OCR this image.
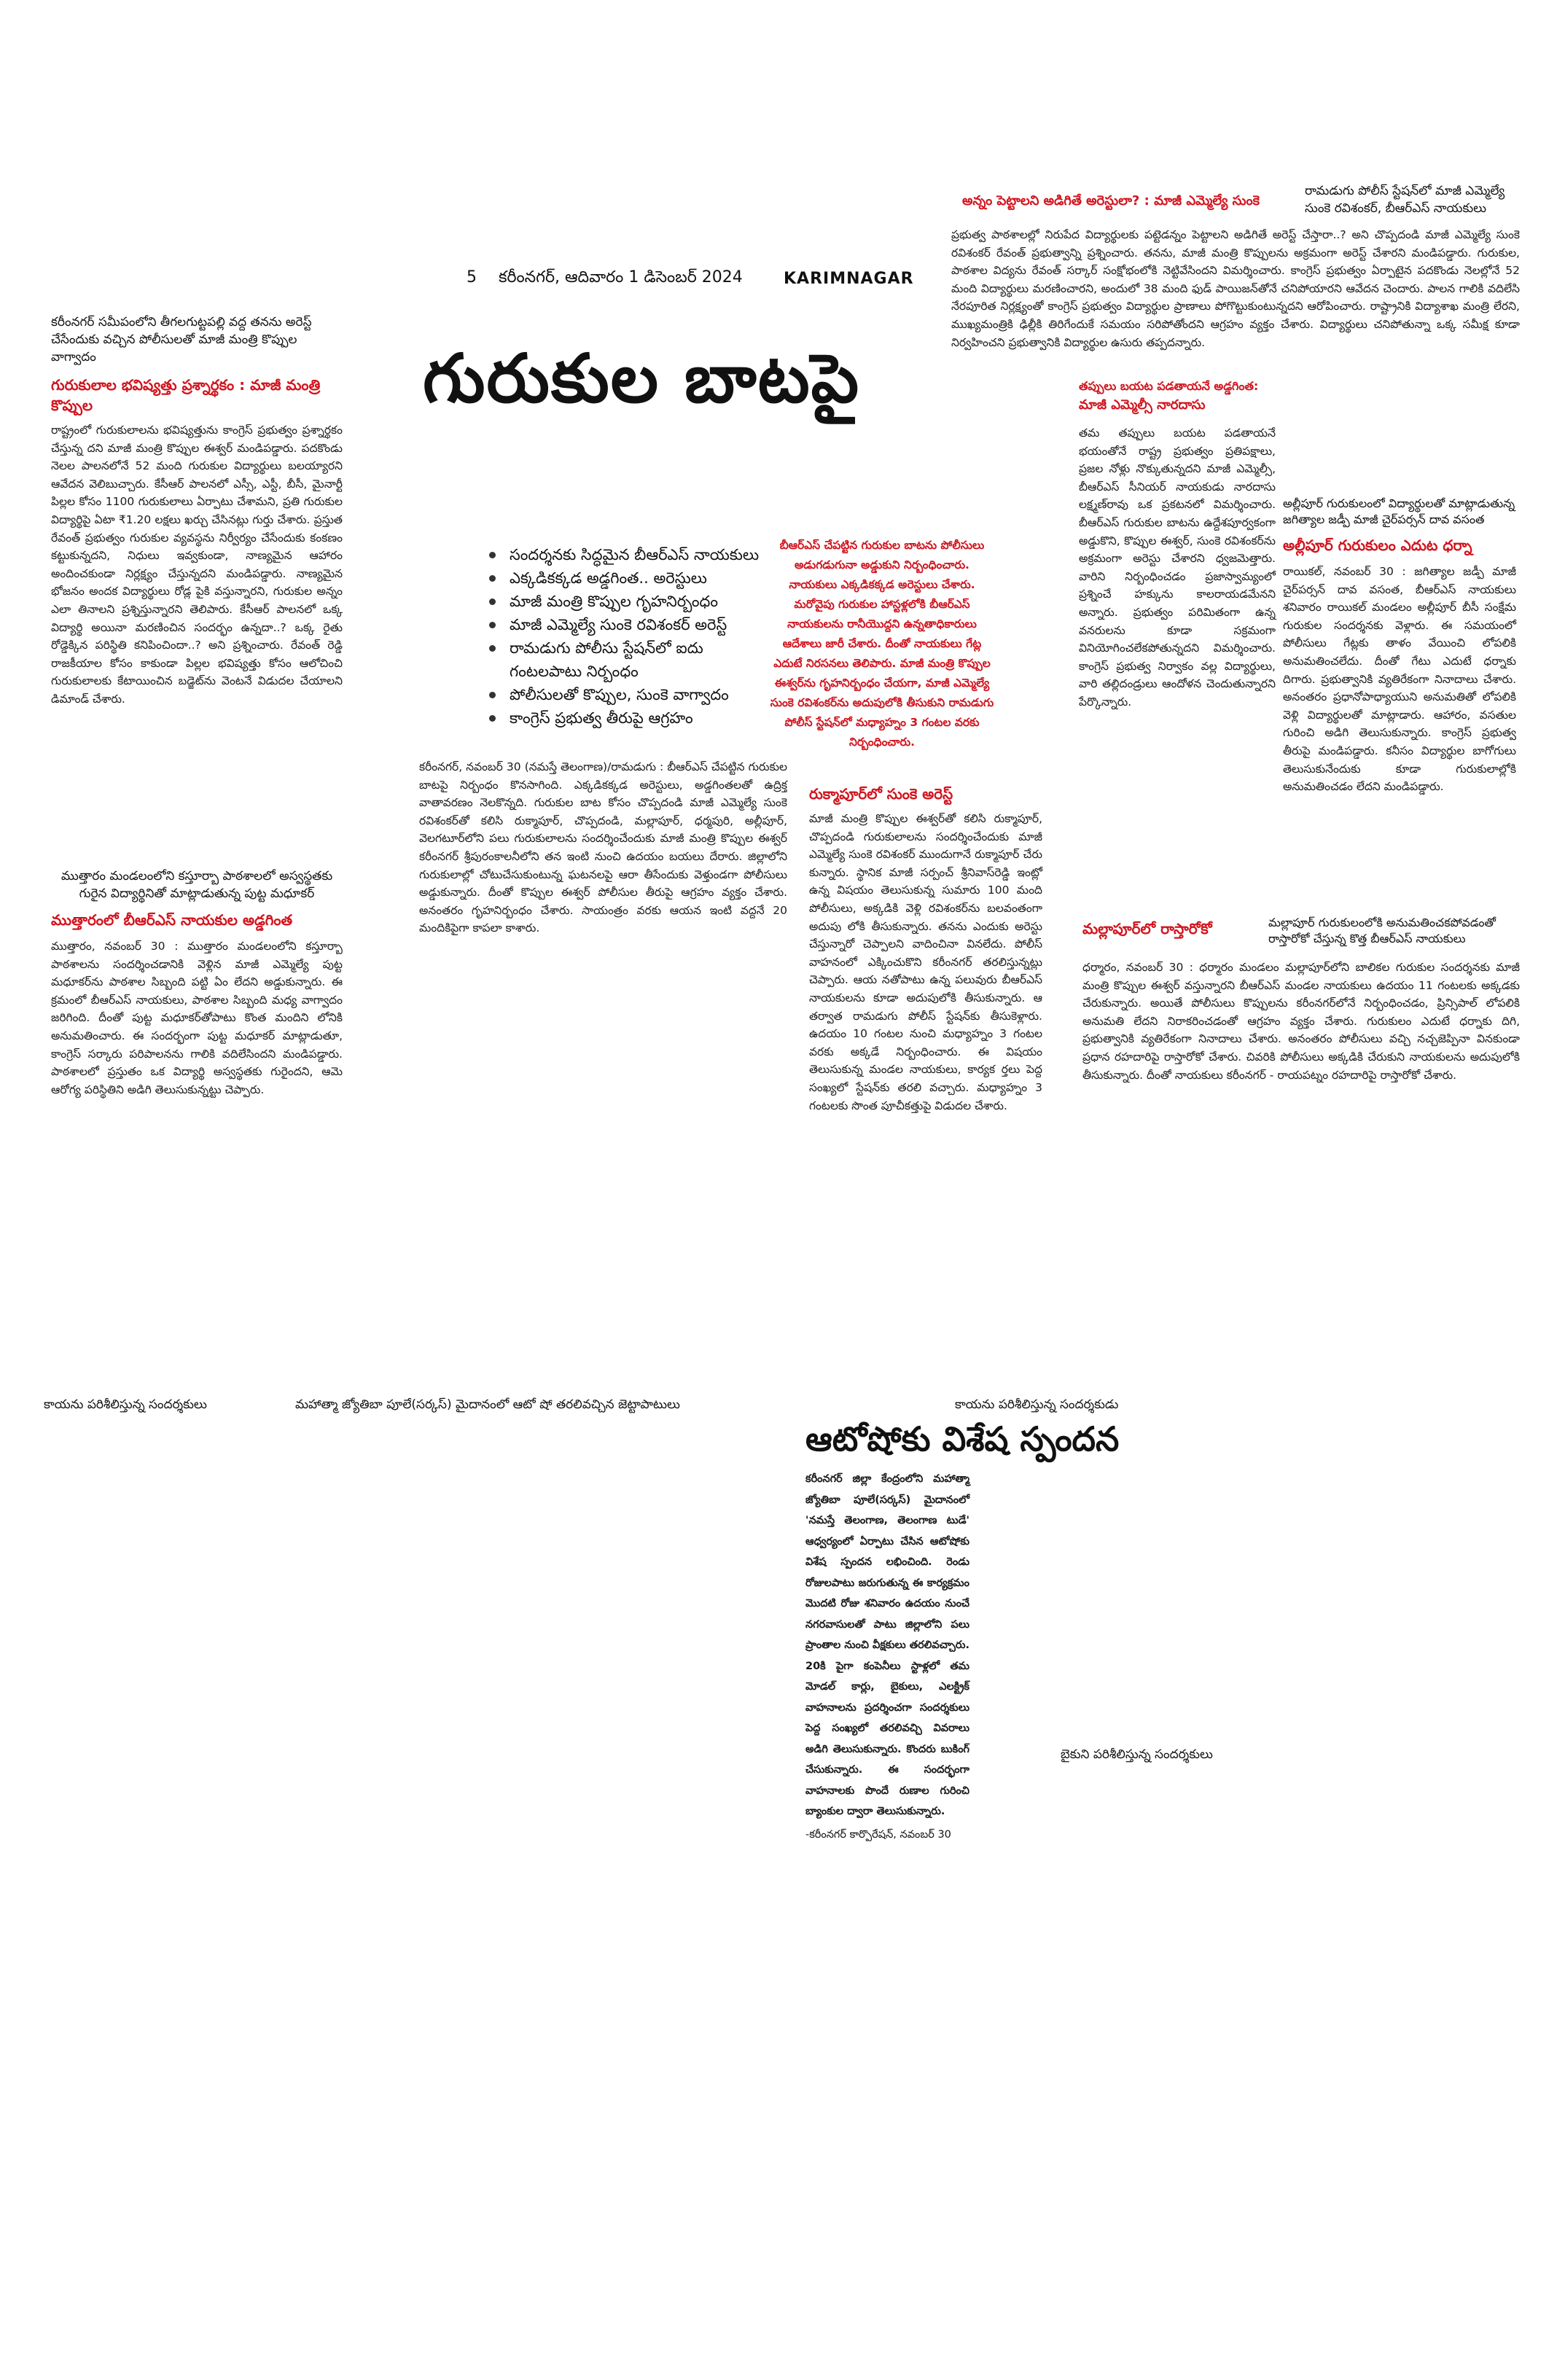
కరీంనగర్ సమీపంలోని తీగలగుట్టపల్లి వద్ద తనను అరెస్ట్ చేసేందుకు వచ్చిన పోలీసులతో మాజీ మంత్రి కొప్పుల వాగ్వాదం
గురుకులాల భవిష్యత్తు ప్రశ్నార్థకం : మాజీ మంత్రి కొప్పుల
రాష్ట్రంలో గురుకులాలను భవిష్యత్తును కాంగ్రెస్ ప్రభుత్వం ప్రశ్నార్థకం చేస్తున్న దని మాజీ మంత్రి కొప్పుల ఈశ్వర్ మండిపడ్డారు. పదకొండు నెలల పాలనలోనే 52 మంది గురుకుల విద్యార్థులు బలయ్యారని ఆవేదన వెలిబుచ్చారు. కేసీఆర్ పాలనలో ఎస్సీ, ఎస్టీ, బీసీ, మైనార్టీ పిల్లల కోసం 1100 గురుకులాలు ఏర్పాటు చేశామని, ప్రతి గురుకుల విద్యార్థిపై ఏటా ₹1.20 లక్షలు ఖర్చు చేసినట్లు గుర్తు చేశారు. ప్రస్తుత రేవంత్ ప్రభుత్వం గురుకుల వ్యవస్థను నిర్వీర్యం చేసేందుకు కంకణం కట్టుకున్నదని, నిధులు ఇవ్వకుండా, నాణ్యమైన ఆహారం అందించకుండా నిర్లక్ష్యం చేస్తున్నదని మండిపడ్డారు. నాణ్యమైన భోజనం అందక విద్యార్థులు రోడ్ల పైకి వస్తున్నారని, గురుకుల అన్నం ఎలా తినాలని ప్రశ్నిస్తున్నారని తెలిపారు. కేసీఆర్ పాలనలో ఒక్క విద్యార్థి అయినా మరణించిన సందర్భం ఉన్నదా..? ఒక్క రైతు రోడ్డెక్కిన పరిస్థితి కనిపించిందా..? అని ప్రశ్నించారు. రేవంత్ రెడ్డి రాజకీయాల కోసం కాకుండా పిల్లల భవిష్యత్తు కోసం ఆలోచించి గురుకులాలకు కేటాయించిన బడ్జెట్‌ను వెంటనే విడుదల చేయాలని డిమాండ్ చేశారు.
ముత్తారం మండలంలోని కస్తూర్బా పాఠశాలలో అస్వస్థతకు గురైన విద్యార్థినితో మాట్లాడుతున్న పుట్ట మధూకర్
ముత్తారంలో బీఆర్ఎస్ నాయకుల అడ్డగింత
ముత్తారం, నవంబర్ 30 : ముత్తారం మండలంలోని కస్తూర్బా పాఠశాలను సందర్శించడానికి వెళ్లిన మాజీ ఎమ్మెల్యే పుట్ట మధూకర్‌ను పాఠశాల సిబ్బంది పట్టి ఏం లేదని అడ్డుకున్నారు. ఈ క్రమంలో బీఆర్ఎస్ నాయకులు, పాఠశాల సిబ్బంది మధ్య వాగ్వాదం జరిగింది. దీంతో పుట్ట మధూకర్‌తోపాటు కొంత మందిని లోనికి అనుమతించారు. ఈ సందర్భంగా పుట్ట మధూకర్ మాట్లాడుతూ, కాంగ్రెస్ సర్కారు పరిపాలనను గాలికి వదిలేసిందని మండిపడ్డారు. పాఠశాలలో ప్రస్తుతం ఒక విద్యార్థి అస్వస్థతకు గురైందని, ఆమె ఆరోగ్య పరిస్థితిని అడిగి తెలుసుకున్నట్టు చెప్పారు.
5 కరీంనగర్, ఆదివారం 1 డిసెంబర్ 2024	KARIMNAGAR
గురుకుల బాటపై
సందర్శనకు సిద్ధమైన బీఆర్ఎస్ నాయకులు
ఎక్కడికక్కడ అడ్డగింత.. అరెస్టులు
మాజీ మంత్రి కొప్పుల గృహనిర్బంధం
మాజీ ఎమ్మెల్యే సుంకె రవిశంకర్ అరెస్ట్
రామడుగు పోలీసు స్టేషన్‌లో ఐదు గంటలపాటు నిర్బంధం
పోలీసులతో కొప్పుల, సుంకె వాగ్వాదం
కాంగ్రెస్ ప్రభుత్వ తీరుపై ఆగ్రహం
కరీంనగర్, నవంబర్ 30 (నమస్తే తెలంగాణ)/రామడుగు : బీఆర్ఎస్ చేపట్టిన గురుకుల బాటపై నిర్బంధం కొనసాగింది. ఎక్కడికక్కడ అరెస్టులు, అడ్డగింతలతో ఉద్రిక్త వాతావరణం నెలకొన్నది. గురుకుల బాట కోసం చొప్పదండి మాజీ ఎమ్మెల్యే సుంకె రవిశంకర్‌తో కలిసి రుక్మాపూర్, చొప్పదండి, మల్లాపూర్, ధర్మపురి, అల్లీపూర్, వెలగటూర్‌లోని పలు గురుకులాలను సందర్శించేందుకు మాజీ మంత్రి కొప్పుల ఈశ్వర్ కరీంనగర్ శ్రీపురంకాలనీలోని తన ఇంటి నుంచి ఉదయం బయలు దేరారు. జిల్లాలోని గురుకులాల్లో చోటుచేసుకుంటున్న ఘటనలపై ఆరా తీసేందుకు వెళ్తుండగా పోలీసులు అడ్డుకున్నారు. దీంతో కొప్పుల ఈశ్వర్ పోలీసుల తీరుపై ఆగ్రహం వ్యక్తం చేశారు. అనంతరం గృహనిర్బంధం చేశారు. సాయంత్రం వరకు ఆయన ఇంటి వద్దనే 20 మందికిపైగా కాపలా కాశారు.
బీఆర్ఎస్ చేపట్టిన గురుకుల బాటను పోలీసులు అడుగడుగునా అడ్డుకుని నిర్బంధించారు. నాయకులు ఎక్కడికక్కడ అరెస్టులు చేశారు. మరోవైపు గురుకుల హాస్టళ్లలోకి బీఆర్ఎస్ నాయకులను రానీయొద్దని ఉన్నతాధికారులు ఆదేశాలు జారీ చేశారు. దీంతో నాయకులు గేట్ల ఎదుటే నిరసనలు తెలిపారు. మాజీ మంత్రి కొప్పుల ఈశ్వర్‌ను గృహనిర్బంధం చేయగా, మాజీ ఎమ్మెల్యే సుంకె రవిశంకర్‌ను అదుపులోకి తీసుకుని రామడుగు పోలీస్ స్టేషన్‌లో మధ్యాహ్నం 3 గంటల వరకు నిర్బంధించారు.
రుక్మాపూర్‌లో సుంకె అరెస్ట్
మాజీ మంత్రి కొప్పుల ఈశ్వర్‌తో కలిసి రుక్మాపూర్, చొప్పదండి గురుకులాలను సందర్శించేందుకు మాజీ ఎమ్మెల్యే సుంకె రవిశంకర్ ముందుగానే రుక్మాపూర్ చేరు కున్నారు. స్థానిక మాజీ సర్పంచ్ శ్రీనివాస్‌రెడ్డి ఇంట్లో ఉన్న విషయం తెలుసుకున్న సుమారు 100 మంది పోలీసులు, అక్కడికి వెళ్లి రవిశంకర్‌ను బలవంతంగా అదుపు లోకి తీసుకున్నారు. తనను ఎందుకు అరెస్టు చేస్తున్నారో చెప్పాలని వాదించినా వినలేదు. పోలీస్ వాహనంలో ఎక్కించుకొని కరీంనగర్ తరలిస్తున్నట్లు చెప్పారు. ఆయ నతోపాటు ఉన్న పలువురు బీఆర్ఎస్ నాయకులను కూడా అదుపులోకి తీసుకున్నారు. ఆ తర్వాత రామడుగు పోలీస్ స్టేషన్‌కు తీసుకెళ్లారు. ఉదయం 10 గంటల నుంచి మధ్యాహ్నం 3 గంటల వరకు అక్కడే నిర్బంధించారు. ఈ విషయం తెలుసుకున్న మండల నాయకులు, కార్యక ర్తలు పెద్ద సంఖ్యలో స్టేషన్‌కు తరలి వచ్చారు. మధ్యాహ్నం 3 గంటలకు సొంత పూచీకత్తుపై విడుదల చేశారు.
రామడుగు పోలీస్ స్టేషన్‌లో మాజీ ఎమ్మెల్యే సుంకె రవిశంకర్, బీఆర్ఎస్ నాయకులు
అన్నం పెట్టాలని అడిగితే అరెస్టులా? : మాజీ ఎమ్మెల్యే సుంకె
ప్రభుత్వ పాఠశాలల్లో నిరుపేద విద్యార్థులకు పట్టెడన్నం పెట్టాలని అడిగితే అరెస్ట్ చేస్తారా..? అని చొప్పదండి మాజీ ఎమ్మెల్యే సుంకె రవిశంకర్ రేవంత్ ప్రభుత్వాన్ని ప్రశ్నించారు. తనను, మాజీ మంత్రి కొప్పులను అక్రమంగా అరెస్ట్ చేశారని మండిపడ్డారు. గురుకుల, పాఠశాల విద్యను రేవంత్ సర్కార్ సంక్షోభంలోకి నెట్టివేసిందని విమర్శించారు. కాంగ్రెస్ ప్రభుత్వం ఏర్పాటైన పదకొండు నెలల్లోనే 52 మంది విద్యార్థులు మరణించారని, అందులో 38 మంది ఫుడ్ పాయిజన్‌తోనే చనిపోయారని ఆవేదన చెందారు. పాలన గాలికి వదిలేసి నేరపూరిత నిర్లక్ష్యంతో కాంగ్రెస్ ప్రభుత్వం విద్యార్థుల ప్రాణాలు పోగొట్టుకుంటున్నదని ఆరోపించారు. రాష్ట్రానికి విద్యాశాఖ మంత్రి లేరని, ముఖ్యమంత్రికి ఢిల్లీకి తిరిగేందుకే సమయం సరిపోతోందని ఆగ్రహం వ్యక్తం చేశారు. విద్యార్థులు చనిపోతున్నా ఒక్క సమీక్ష కూడా నిర్వహించని ప్రభుత్వానికి విద్యార్థుల ఉసురు తప్పదన్నారు.
తప్పులు బయట పడతాయనే అడ్డగింత:
మాజీ ఎమ్మెల్సీ నారదాసు
తమ తప్పులు బయట పడతాయనే భయంతోనే రాష్ట్ర ప్రభుత్వం ప్రతిపక్షాలు, ప్రజల నోళ్లు నొక్కుతున్నదని మాజీ ఎమ్మెల్సీ, బీఆర్ఎస్ సీనియర్ నాయకుడు నారదాసు లక్ష్మణ్‌రావు ఒక ప్రకటనలో విమర్శించారు. బీఆర్ఎస్ గురుకుల బాటను ఉద్దేశపూర్వకంగా అడ్డుకొని, కొప్పుల ఈశ్వర్, సుంకె రవిశంకర్‌ను అక్రమంగా అరెస్టు చేశారని ధ్వజమెత్తారు. వారిని నిర్బంధించడం ప్రజాస్వామ్యంలో ప్రశ్నించే హక్కును కాలరాయడమేనని అన్నారు. ప్రభుత్వం పరిమితంగా ఉన్న వనరులను కూడా సక్రమంగా వినియోగించలేకపోతున్నదని విమర్శించారు. కాంగ్రెస్ ప్రభుత్వ నిర్వాకం వల్ల విద్యార్థులు, వారి తల్లిదండ్రులు ఆందోళన చెందుతున్నారని పేర్కొన్నారు.
అల్లీపూర్ గురుకులంలో విద్యార్థులతో మాట్లాడుతున్న జగిత్యాల జడ్పీ మాజీ చైర్‌పర్సన్ దావ వసంత
అల్లీపూర్ గురుకులం ఎదుట ధర్నా
రాయికల్, నవంబర్ 30 : జగిత్యాల జడ్పీ మాజీ చైర్‌పర్సన్ దావ వసంత, బీఆర్ఎస్ నాయకులు శనివారం రాయికల్ మండలం అల్లీపూర్ బీసీ సంక్షేమ గురుకుల సందర్శనకు వెళ్లారు. ఈ సమయంలో పోలీసులు గేట్లకు తాళం వేయించి లోపలికి అనుమతించలేదు. దీంతో గేటు ఎదుటే ధర్నాకు దిగారు. ప్రభుత్వానికి వ్యతిరేకంగా నినాదాలు చేశారు. అనంతరం ప్రధానోపాధ్యాయుని అనుమతితో లోపలికి వెళ్లి విద్యార్థులతో మాట్లాడారు. ఆహారం, వసతుల గురించి అడిగి తెలుసుకున్నారు. కాంగ్రెస్ ప్రభుత్వ తీరుపై మండిపడ్డారు. కనీసం విద్యార్థుల బాగోగులు తెలుసుకునేందుకు కూడా గురుకులాల్లోకి అనుమతించడం లేదని మండిపడ్డారు.
మల్లాపూర్ గురుకులంలోకి అనుమతించకపోవడంతో రాస్తారోకో చేస్తున్న కొత్త బీఆర్ఎస్ నాయకులు
మల్లాపూర్‌లో రాస్తారోకో
ధర్మారం, నవంబర్ 30 : ధర్మారం మండలం మల్లాపూర్‌లోని బాలికల గురుకుల సందర్శనకు మాజీ మంత్రి కొప్పుల ఈశ్వర్ వస్తున్నారని బీఆర్ఎస్ మండల నాయకులు ఉదయం 11 గంటలకు అక్కడకు చేరుకున్నారు. అయితే పోలీసులు కొప్పులను కరీంనగర్‌లోనే నిర్బంధించడం, ప్రిన్సిపాల్ లోపలికి అనుమతి లేదని నిరాకరించడంతో ఆగ్రహం వ్యక్తం చేశారు. గురుకులం ఎదుటే ధర్నాకు దిగి, ప్రభుత్వానికి వ్యతిరేకంగా నినాదాలు చేశారు. అనంతరం పోలీసులు వచ్చి నచ్చజెప్పినా వినకుండా ప్రధాన రహదారిపై రాస్తారోకో చేశారు. చివరికి పోలీసులు అక్కడికి చేరుకుని నాయకులను అదుపులోకి తీసుకున్నారు. దీంతో నాయకులు కరీంనగర్ - రాయపట్నం రహదారిపై రాస్తారోకో చేశారు.
కాయను పరిశీలిస్తున్న సందర్శకులు	మహాత్మా జ్యోతిబా పూలే(సర్కస్) మైదానంలో ఆటో షో తరలివచ్చిన జెట్టాపాటులు	కాయను పరిశీలిస్తున్న సందర్శకుడు
ఆటోషోకు విశేష స్పందన
కరీంనగర్ జిల్లా కేంద్రంలోని మహాత్మా జ్యోతిబా పూలే(సర్కస్) మైదానంలో 'నమస్తే తెలంగాణ, తెలంగాణ టుడే' ఆధ్వర్యంలో ఏర్పాటు చేసిన ఆటోషోకు విశేష స్పందన లభించింది. రెండు రోజులపాటు జరుగుతున్న ఈ కార్యక్రమం మొదటి రోజు శనివారం ఉదయం నుంచే నగరవాసులతో పాటు జిల్లాలోని పలు ప్రాంతాల నుంచి వీక్షకులు తరలివచ్చారు. 20కి పైగా కంపెనీలు స్టాళ్లలో తమ మోడల్ కార్లు, బైకులు, ఎలక్ట్రిక్ వాహనాలను ప్రదర్శించగా సందర్శకులు పెద్ద సంఖ్యలో తరలివచ్చి వివరాలు అడిగి తెలుసుకున్నారు. కొందరు బుకింగ్ చేసుకున్నారు. ఈ సందర్భంగా వాహనాలకు పొందే రుణాల గురించి బ్యాంకుల ద్వారా తెలుసుకున్నారు.
-కరీంనగర్ కార్పొరేషన్, నవంబర్ 30
బైకుని పరిశీలిస్తున్న సందర్శకులు
